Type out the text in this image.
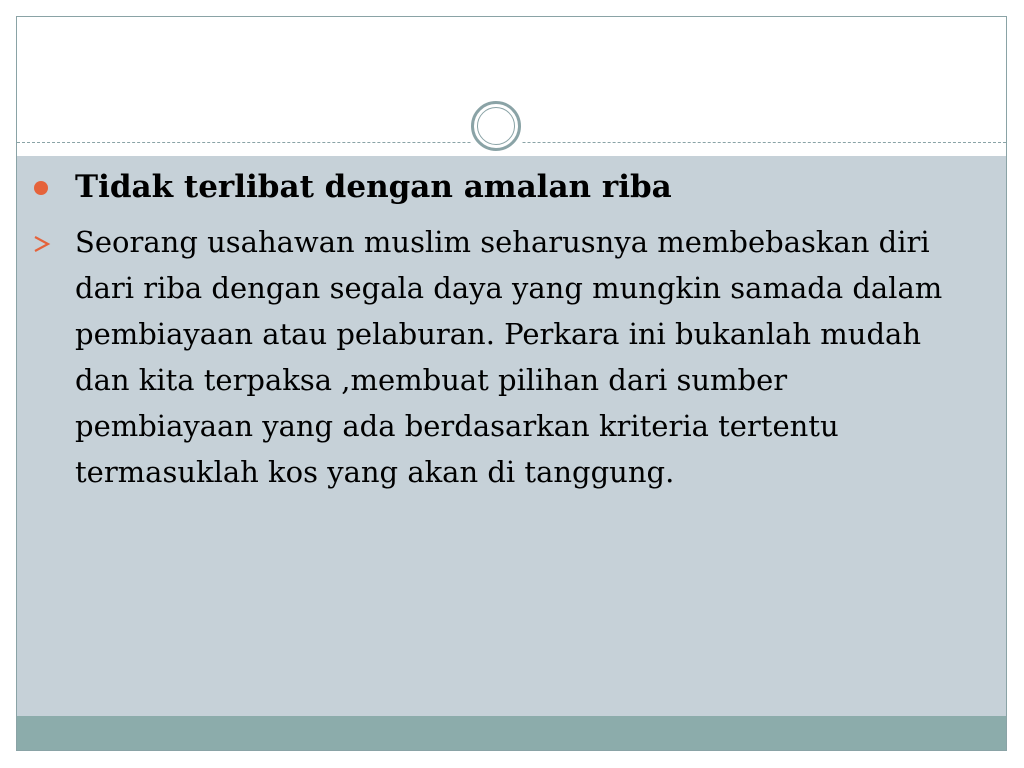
Tidak terlibat dengan amalan riba
Seorang usahawan muslim seharusnya membebaskan diri dari riba dengan segala daya yang mungkin samada dalam pembiayaan atau pelaburan. Perkara ini bukanlah mudah dan kita terpaksa ,membuat pilihan dari sumber pembiayaan yang ada berdasarkan kriteria tertentu termasuklah kos yang akan di tanggung.
